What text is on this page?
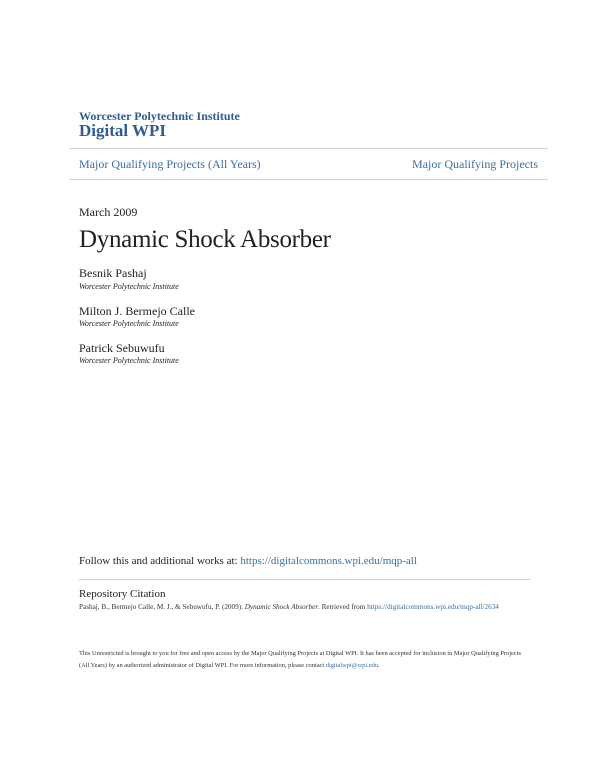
Worcester Polytechnic Institute
Digital WPI
Major Qualifying Projects (All Years)	Major Qualifying Projects
March 2009
Dynamic Shock Absorber
Besnik Pashaj
Worcester Polytechnic Institute
Milton J. Bermejo Calle
Worcester Polytechnic Institute
Patrick Sebuwufu
Worcester Polytechnic Institute
Follow this and additional works at: https://digitalcommons.wpi.edu/mqp-all
Repository Citation
Pashaj, B., Bermejo Calle, M. J., & Sebuwufu, P. (2009). Dynamic Shock Absorber. Retrieved from https://digitalcommons.wpi.edu/mqp-all/2634
This Unrestricted is brought to you for free and open access by the Major Qualifying Projects at Digital WPI. It has been accepted for inclusion in Major Qualifying Projects (All Years) by an authorized administrator of Digital WPI. For more information, please contact digitalwpi@wpi.edu.
